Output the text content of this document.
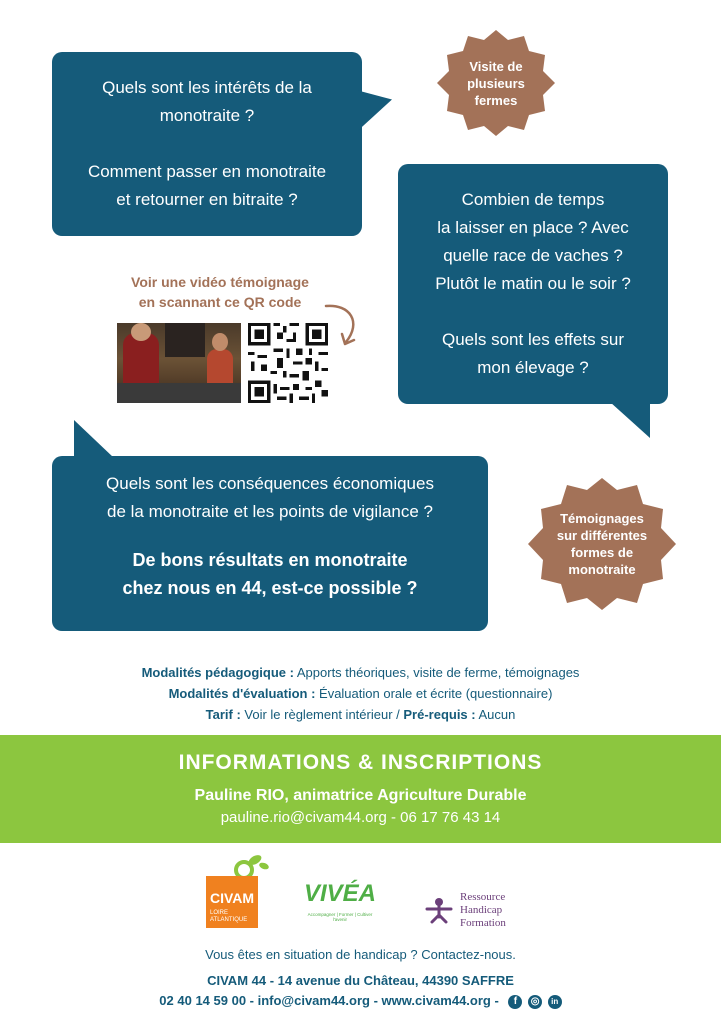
Quels sont les intérêts de la

monotraite ?

Comment passer en monotraite

et retourner en bitraite ?

Visite de
plusieurs
fermes

Combien de temps

la laisser en place ? Avec

quelle race de vaches ?

Plutôt le matin ou le soir ?

Quels sont les effets sur

mon élevage ?

Voir une vidéo témoignage
en scannant ce QR code

Quels sont les conséquences économiques

de la monotraite et les points de vigilance ?

De bons résultats en monotraite

chez nous en 44, est-ce possible ?

Témoignages
sur différentes
formes de
monotraite
Modalités pédagogique : Apports théoriques, visite de ferme, témoignages
Modalités d'évaluation : Évaluation orale et écrite (questionnaire)
Tarif : Voir le règlement intérieur / Pré-requis : Aucun
INFORMATIONS & INSCRIPTIONS
Pauline RIO, animatrice Agriculture Durable
pauline.rio@civam44.org - 06 17 76 43 14
CIVAM
LOIRE
ATLANTIQUE
VIVÉA
Accompagner | Former | Cultiver l'avenir
Ressource
Handicap
Formation
Vous êtes en situation de handicap ? Contactez-nous.
CIVAM 44 - 14 avenue du Château, 44390 SAFFRE
02 40 14 59 00 - info@civam44.org - www.civam44.org - f ◎ in
